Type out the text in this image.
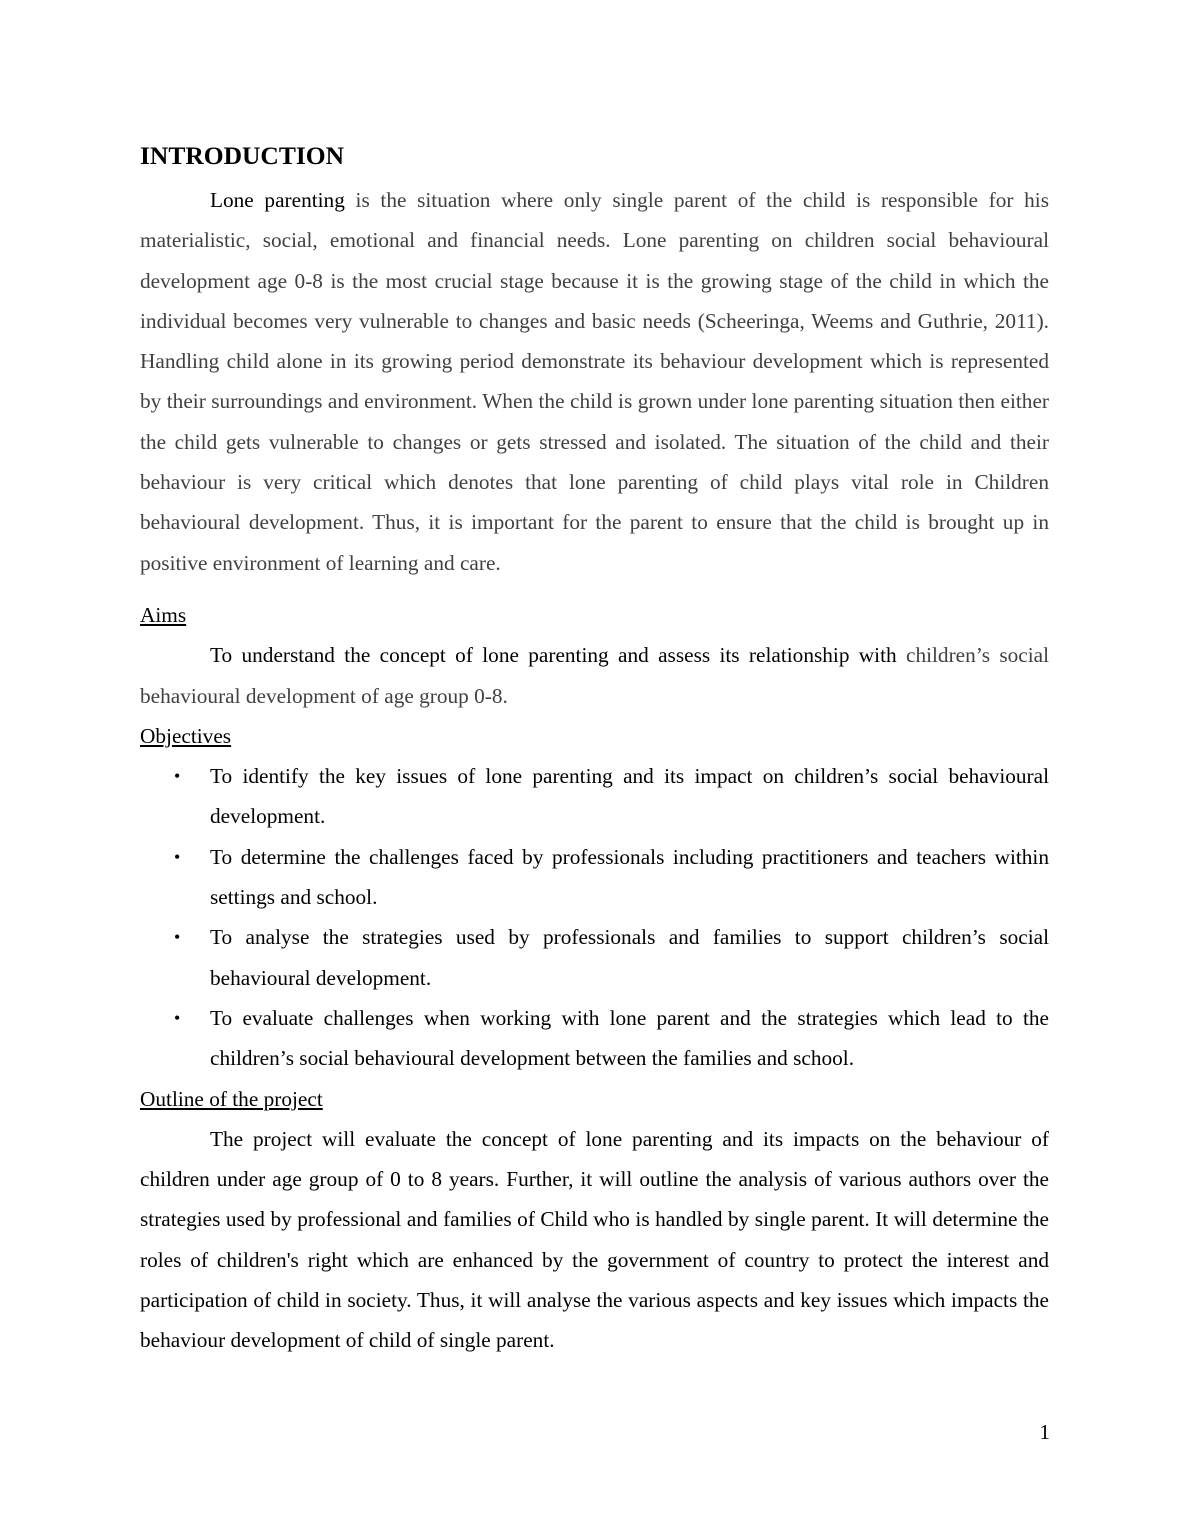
INTRODUCTION

Lone parenting is the situation where only single parent of the child is responsible for his materialistic, social, emotional and financial needs. Lone parenting on children social behavioural development age 0-8 is the most crucial stage because it is the growing stage of the child in which the individual becomes very vulnerable to changes and basic needs (Scheeringa, Weems and Guthrie, 2011). Handling child alone in its growing period demonstrate its behaviour development which is represented by their surroundings and environment. When the child is grown under lone parenting situation then either the child gets vulnerable to changes or gets stressed and isolated. The situation of the child and their behaviour is very critical which denotes that lone parenting of child plays vital role in Children behavioural development. Thus, it is important for the parent to ensure that the child is brought up in positive environment of learning and care.

Aims

To understand the concept of lone parenting and assess its relationship with children’s social behavioural development of age group 0-8.

Objectives
• To identify the key issues of lone parenting and its impact on children’s social behavioural development.
• To determine the challenges faced by professionals including practitioners and teachers within settings and school.
• To analyse the strategies used by professionals and families to support children’s social behavioural development.
• To evaluate challenges when working with lone parent and the strategies which lead to the children’s social behavioural development between the families and school.
Outline of the project

The project will evaluate the concept of lone parenting and its impacts on the behaviour of children under age group of 0 to 8 years. Further, it will outline the analysis of various authors over the strategies used by professional and families of Child who is handled by single parent. It will determine the roles of children's right which are enhanced by the government of country to protect the interest and participation of child in society. Thus, it will analyse the various aspects and key issues which impacts the behaviour development of child of single parent.

1
